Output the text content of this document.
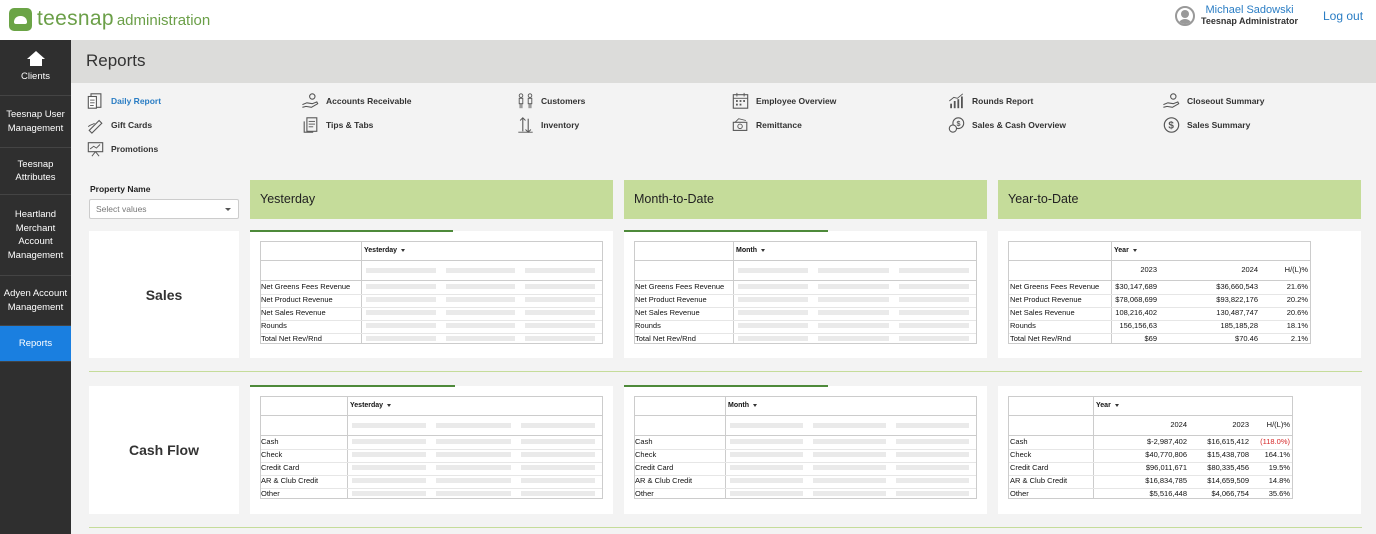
teesnap administration
Michael Sadowski
Teesnap Administrator Log out
Clients
Teesnap User Management
Teesnap Attributes
Heartland Merchant Account Management
Adyen Account Management
Reports
Reports
Daily Report
Gift Cards
Promotions
Accounts Receivable
Tips & Tabs
Customers
Inventory
Employee Overview
Remittance
Rounds Report
$ Sales & Cash Overview
Closeout Summary
$ Sales Summary
Property Name
Select values
Yesterday	Month-to-Date	Year-to-Date
Sales
Cash Flow
Yesterday
Net Greens Fees Revenue
Net Product Revenue
Net Sales Revenue
Rounds
Total Net Rev/Rnd
Month
Net Greens Fees Revenue
Net Product Revenue
Net Sales Revenue
Rounds
Total Net Rev/Rnd
Yesterday
Cash
Check
Credit Card
AR & Club Credit
Other
Month
Cash
Check
Credit Card
AR & Club Credit
Other
Year
2023	2024	H/(L)%
Net Greens Fees Revenue $30,147,689	$36,660,543	21.6%
Net Product Revenue	$78,068,699	$93,822,176	20.2%
Net Sales Revenue	108,216,402	130,487,747	20.6%
Rounds	156,156,63	185,185,28	18.1%
Total Net Rev/Rnd	$69	$70.46	2.1%
Year
2024	2023 H/(L)%
Cash	$-2,987,402	$16,615,412 (118.0%)
Check	$40,770,806	$15,438,708 164.1%
Credit Card	$96,011,671	$80,335,456	19.5%
AR & Club Credit	$16,834,785	$14,659,509	14.8%
Other	$5,516,448	$4,066,754	35.6%
